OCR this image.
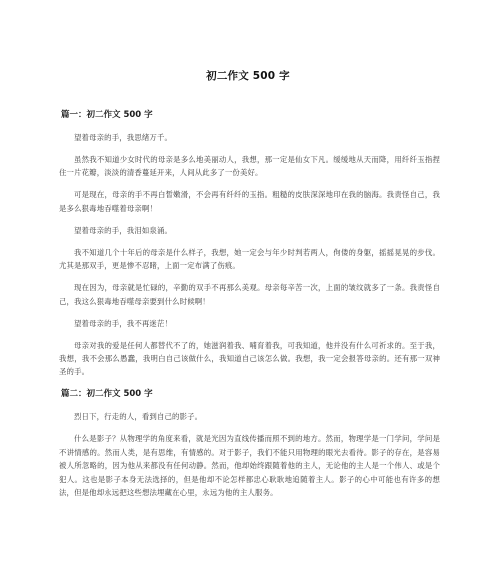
初二作文 500 字
篇一：初二作文 500 字

望着母亲的手，我思绪万千。

虽然我不知道少女时代的母亲是多么地美丽动人，我想，那一定是仙女下凡。缓缓地从天而降，用纤纤玉指捏住一片花瓣，淡淡的清香蔓延开来，人间从此多了一份美好。

可是现在，母亲的手不再白皙嫩滑，不会再有纤纤的玉指。粗糙的皮肤深深地印在我的脑海。我责怪自己，我是多么狠毒地吞噬着母亲啊！

望着母亲的手，我泪如泉涌。

我不知道几个十年后的母亲是什么样子，我想，她一定会与年少时判若两人，佝偻的身躯，摇摇晃晃的步伐。尤其是那双手，更是惨不忍睹，上面一定布满了伤痕。

现在因为，母亲就是忙碌的，辛勤的双手不再那么美观。母亲每辛苦一次，上面的皱纹就多了一条。我责怪自己，我这么狠毒地吞噬母亲要到什么时候啊！

望着母亲的手，我不再迷茫！

母亲对我的爱是任何人都替代不了的，她滋润着我、哺育着我，可我知道，他并没有什么可祈求的。至于我，我想，我不会那么愚蠢，我明白自己该做什么，我知道自己该怎么做。我想，我一定会报答母亲的。还有那一双神圣的手。

篇二：初二作文 500 字

烈日下，行走的人，看到自己的影子。

什么是影子？从物理学的角度来看，就是光因为直线传播而照不到的地方。然而，物理学是一门学问，学问是不讲情感的。然而人类，是有思维，有情感的。对于影子，我们不能只用物理的眼光去看待。影子的存在，是容易被人所忽略的，因为他从来都没有任何动静。然而，他却始终跟随着他的主人，无论他的主人是一个伟人、或是个犯人。这也是影子本身无法选择的，但是他却不论怎样都忠心耿耿地追随着主人。影子的心中可能也有许多的想法，但是他却永远把这些想法埋藏在心里，永远为他的主人服务。
